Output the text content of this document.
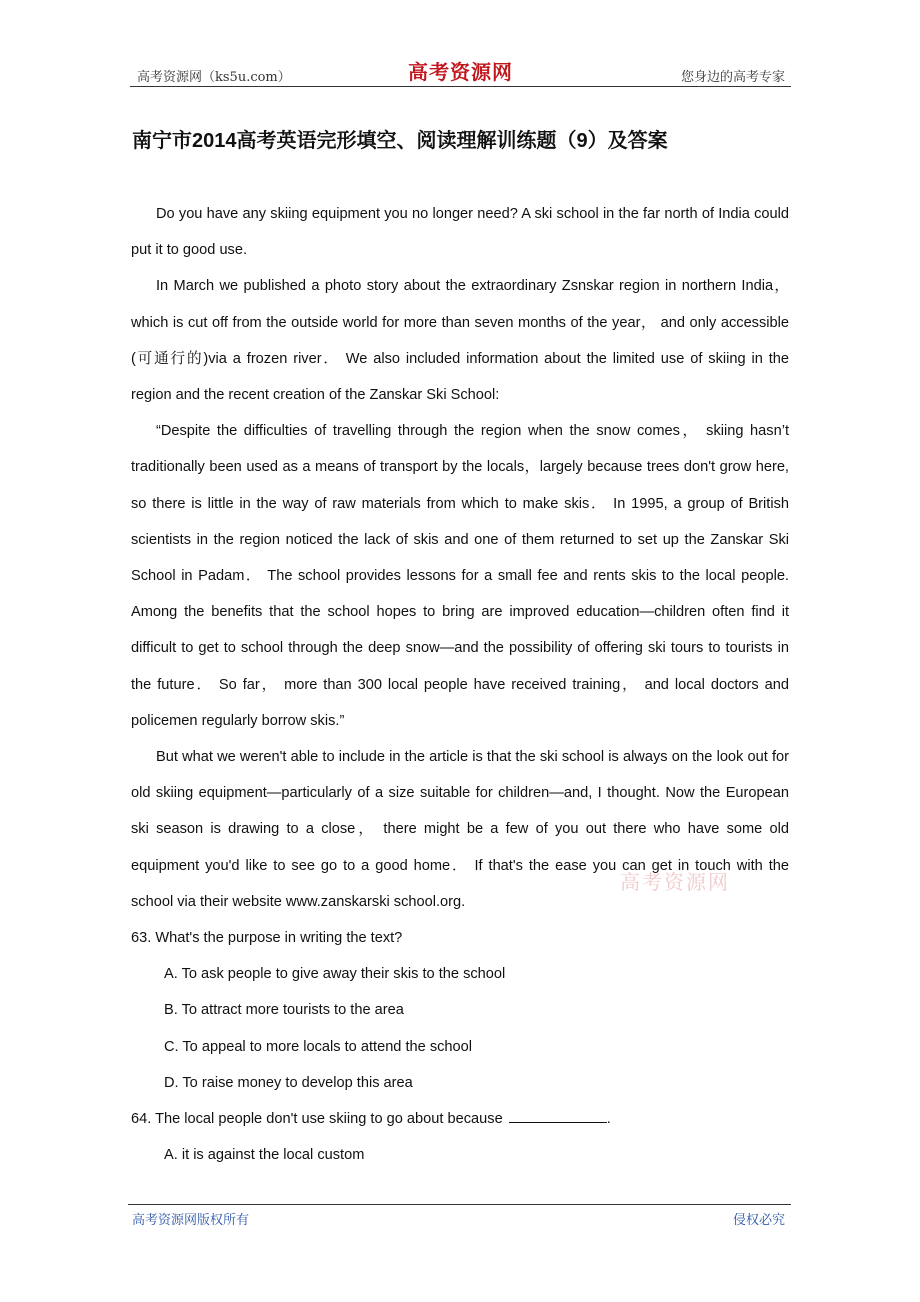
高考资源网（ks5u.com）	高考资源网	您身边的高考专家
南宁市2014高考英语完形填空、阅读理解训练题（9）及答案

Do you have any skiing equipment you no longer need? A ski school in the far north of India could put it to good use.

In March we published a photo story about the extraordinary Zsnskar region in northern India，which is cut off from the outside world for more than seven months of the year， and only accessible (可通行的)via a frozen river． We also included information about the limited use of skiing in the region and the recent creation of the Zanskar Ski School:

“Despite the difficulties of travelling through the region when the snow comes， skiing hasn’t traditionally been used as a means of transport by the locals，largely because trees don't grow here, so there is little in the way of raw materials from which to make skis． In 1995, a group of British scientists in the region noticed the lack of skis and one of them returned to set up the Zanskar Ski School in Padam． The school provides lessons for a small fee and rents skis to the local people. Among the benefits that the school hopes to bring are improved education—children often find it difficult to get to school through the deep snow—and the possibility of offering ski tours to tourists in the future． So far， more than 300 local people have received training， and local doctors and policemen regularly borrow skis.”

But what we weren't able to include in the article is that the ski school is always on the look out for old skiing equipment—particularly of a size suitable for children—and, I thought. Now the European ski season is drawing to a close， there might be a few of you out there who have some old equipment you'd like to see go to a good home． If that's the ease you can get in touch with the school via their website www.zanskarski school.org.

63. What's the purpose in writing the text?

A. To ask people to give away their skis to the school

B. To attract more tourists to the area

C. To appeal to more locals to attend the school

D. To raise money to develop this area

64. The local people don't use skiing to go about because	.

A. it is against the local custom

高考资源网
高考资源网版权所有	侵权必究
